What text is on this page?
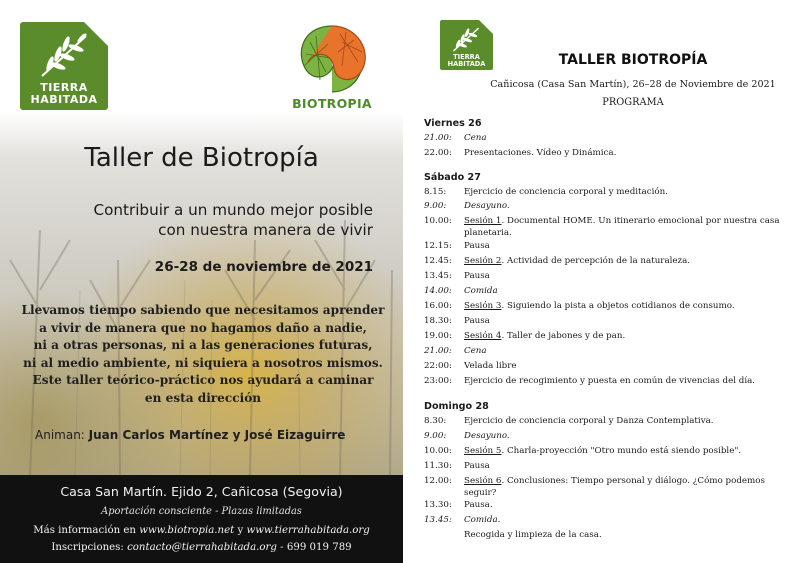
TIERRA
HABITADA	BIOTROPIA
Taller de Biotropía
Contribuir a un mundo mejor posible
con nuestra manera de vivir
26-28 de noviembre de 2021
Llevamos tiempo sabiendo que necesitamos aprender
a vivir de manera que no hagamos daño a nadie,
ni a otras personas, ni a las generaciones futuras,
ni al medio ambiente, ni siquiera a nosotros mismos.
Este taller teórico-práctico nos ayudará a caminar
en esta dirección
Animan: Juan Carlos Martínez y José Eizaguirre
Casa San Martín. Ejido 2, Cañicosa (Segovia)
Aportación consciente - Plazas limitadas
Más información en www.biotropia.net y www.tierrahabitada.org
Inscripciones: contacto@tierrahabitada.org - 699 019 789
TIERRA
HABITADA	TALLER BIOTROPÍA
Cañicosa (Casa San Martín), 26–28 de Noviembre de 2021
PROGRAMA
Viernes 26
21.00:	Cena
22.00:	Presentaciones. Vídeo y Dinámica.
Sábado 27
8.15:	Ejercicio de conciencia corporal y meditación.
9.00:	Desayuno.
10.00:	Sesión 1. Documental HOME. Un itinerario emocional por nuestra casa planetaria.
12.15:	Pausa
12.45:	Sesión 2. Actividad de percepción de la naturaleza.
13.45:	Pausa
14.00:	Comida
16.00:	Sesión 3. Siguiendo la pista a objetos cotidianos de consumo.
18.30:	Pausa
19.00:	Sesión 4. Taller de jabones y de pan.
21.00:	Cena
22:00:	Velada libre
23:00:	Ejercicio de recogimiento y puesta en común de vivencias del día.
Domingo 28
8.30:	Ejercicio de conciencia corporal y Danza Contemplativa.
9.00:	Desayuno.
10.00:	Sesión 5. Charla-proyección "Otro mundo está siendo posible".
11.30:	Pausa
12.00:	Sesión 6. Conclusiones: Tiempo personal y diálogo. ¿Cómo podemos seguir?
13.30:	Pausa.
13.45:	Comida.
Recogida y limpieza de la casa.
